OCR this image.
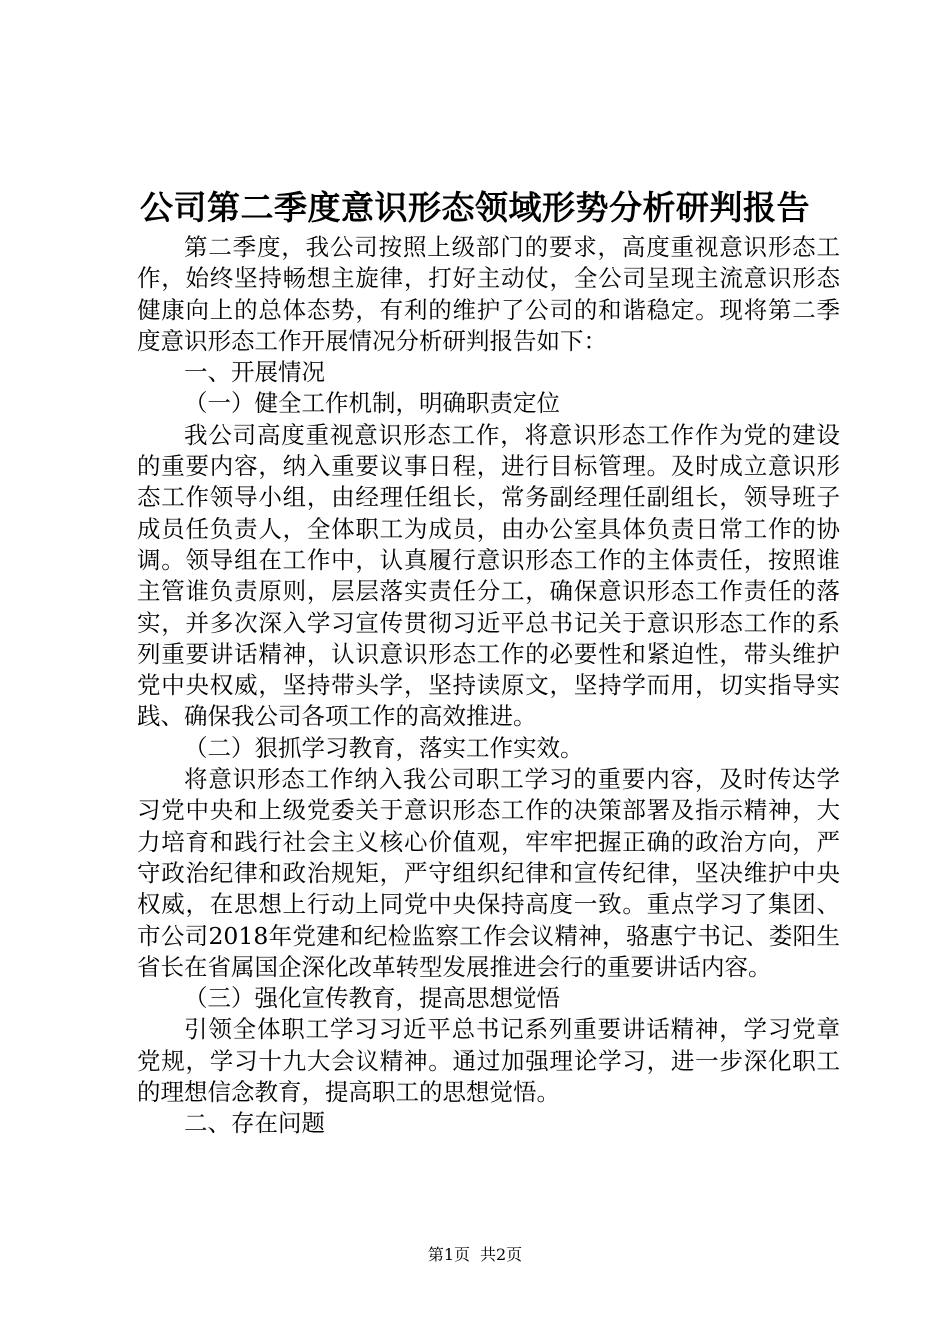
公司第二季度意识形态领域形势分析研判报告

第二季度，我公司按照上级部门的要求，高度重视意识形态工作，始终坚持畅想主旋律，打好主动仗，全公司呈现主流意识形态健康向上的总体态势，有利的维护了公司的和谐稳定。现将第二季度意识形态工作开展情况分析研判报告如下：

一、开展情况

（一）健全工作机制，明确职责定位

我公司高度重视意识形态工作，将意识形态工作作为党的建设的重要内容，纳入重要议事日程，进行目标管理。及时成立意识形态工作领导小组，由经理任组长，常务副经理任副组长，领导班子成员任负责人，全体职工为成员，由办公室具体负责日常工作的协调。领导组在工作中，认真履行意识形态工作的主体责任，按照谁主管谁负责原则，层层落实责任分工，确保意识形态工作责任的落实，并多次深入学习宣传贯彻习近平总书记关于意识形态工作的系列重要讲话精神，认识意识形态工作的必要性和紧迫性，带头维护党中央权威，坚持带头学，坚持读原文，坚持学而用，切实指导实践、确保我公司各项工作的高效推进。

（二）狠抓学习教育，落实工作实效。

将意识形态工作纳入我公司职工学习的重要内容，及时传达学习党中央和上级党委关于意识形态工作的决策部署及指示精神，大力培育和践行社会主义核心价值观，牢牢把握正确的政治方向，严守政治纪律和政治规矩，严守组织纪律和宣传纪律，坚决维护中央权威，在思想上行动上同党中央保持高度一致。重点学习了集团、市公司2018年党建和纪检监察工作会议精神，骆惠宁书记、娄阳生省长在省属国企深化改革转型发展推进会行的重要讲话内容。

（三）强化宣传教育，提高思想觉悟

引领全体职工学习习近平总书记系列重要讲话精神，学习党章党规，学习十九大会议精神。通过加强理论学习，进一步深化职工的理想信念教育，提高职工的思想觉悟。

二、存在问题

第1页 共2页
